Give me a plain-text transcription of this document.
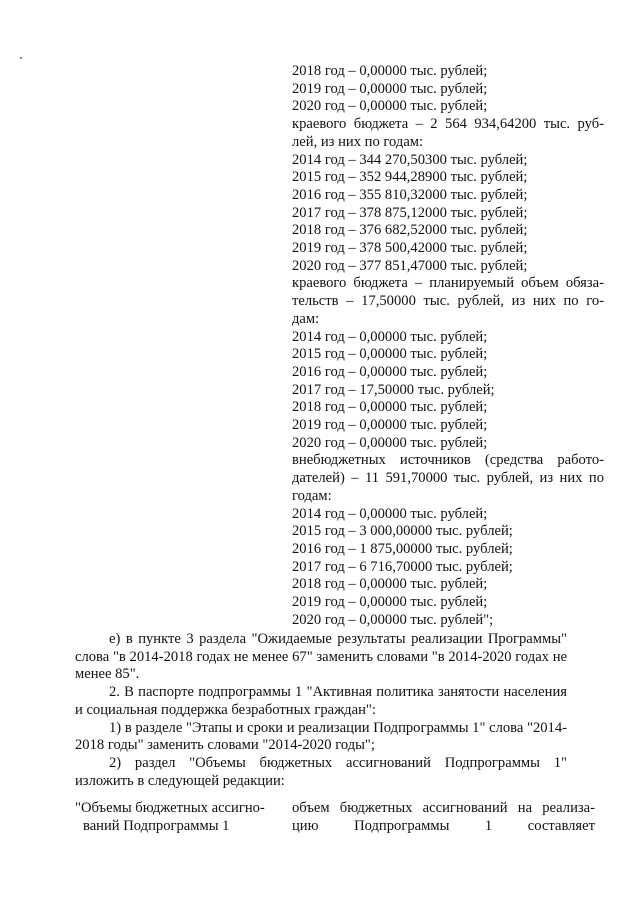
2018 год – 0,00000 тыс. рублей;
2019 год – 0,00000 тыс. рублей;
2020 год – 0,00000 тыс. рублей;
краевого бюджета – 2 564 934,64200 тыс. руб-
лей, из них по годам:
2014 год – 344 270,50300 тыс. рублей;
2015 год – 352 944,28900 тыс. рублей;
2016 год – 355 810,32000 тыс. рублей;
2017 год – 378 875,12000 тыс. рублей;
2018 год – 376 682,52000 тыс. рублей;
2019 год – 378 500,42000 тыс. рублей;
2020 год – 377 851,47000 тыс. рублей;
краевого бюджета – планируемый объем обяза-
тельств – 17,50000 тыс. рублей, из них по го-
дам:
2014 год – 0,00000 тыс. рублей;
2015 год – 0,00000 тыс. рублей;
2016 год – 0,00000 тыс. рублей;
2017 год – 17,50000 тыс. рублей;
2018 год – 0,00000 тыс. рублей;
2019 год – 0,00000 тыс. рублей;
2020 год – 0,00000 тыс. рублей;
внебюджетных источников (средства работо-
дателей) – 11 591,70000 тыс. рублей, из них по
годам:
2014 год – 0,00000 тыс. рублей;
2015 год – 3 000,00000 тыс. рублей;
2016 год – 1 875,00000 тыс. рублей;
2017 год – 6 716,70000 тыс. рублей;
2018 год – 0,00000 тыс. рублей;
2019 год – 0,00000 тыс. рублей;
2020 год – 0,00000 тыс. рублей";

е) в пункте 3 раздела "Ожидаемые результаты реализации Программы" слова "в 2014-2018 годах не менее 67" заменить словами "в 2014-2020 годах не менее 85".

2. В паспорте подпрограммы 1 "Активная политика занятости населения и социальная поддержка безработных граждан":

1) в разделе "Этапы и сроки и реализации Подпрограммы 1" слова "2014-2018 годы" заменить словами "2014-2020 годы";

2) раздел "Объемы бюджетных ассигнований Подпрограммы 1" изложить в следующей редакции:

"Объемы бюджетных ассигно-
ваний Подпрограммы 1
объем бюджетных ассигнований на реализа-
цию        Подпрограммы        1        составляет
